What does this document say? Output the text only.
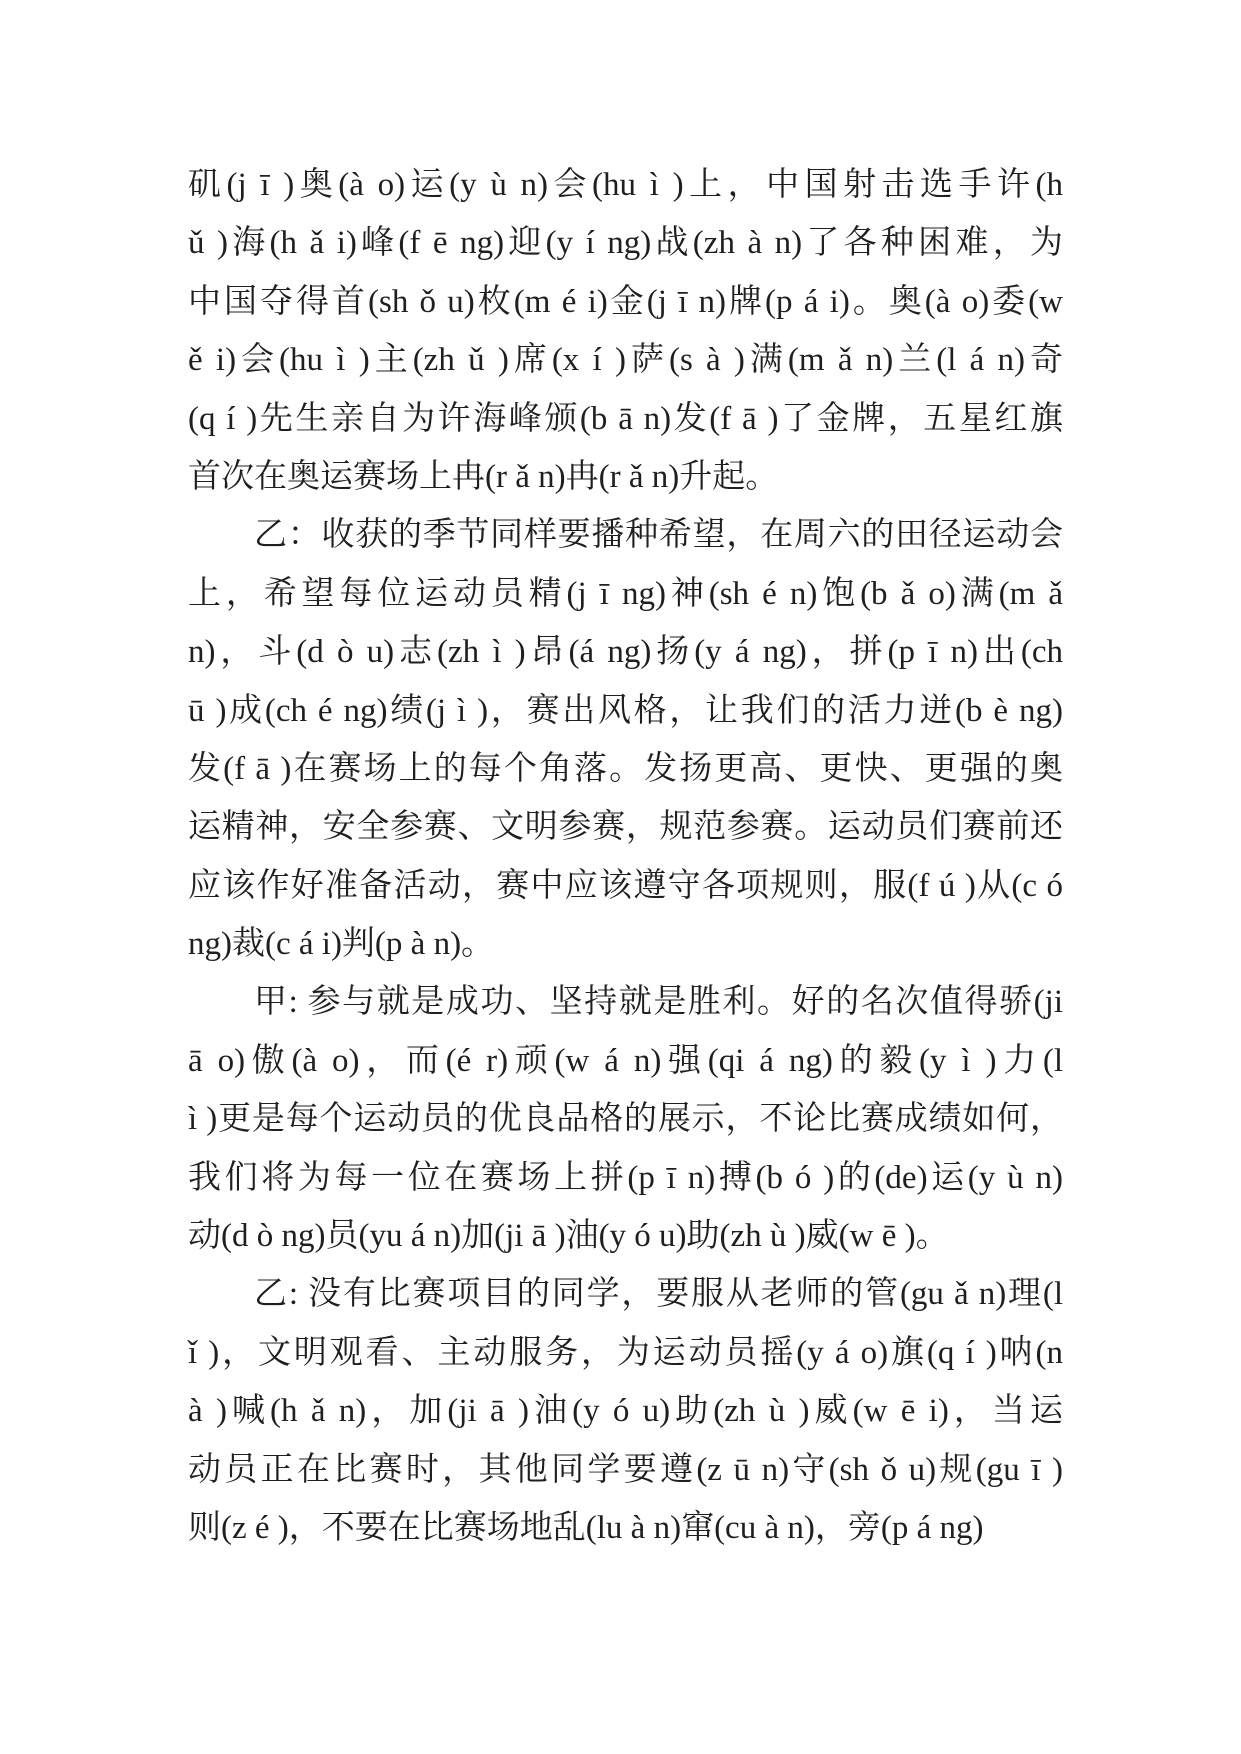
矶(j ī )奥(à o)运(y ù n)会(hu ì )上，中国射击选手许(h
ǔ )海(h ǎ i)峰(f ē ng)迎(y í ng)战(zh à n)了各种困难，为
中国夺得首(sh ǒ u)枚(m é i)金(j ī n)牌(p á i)。奥(à o)委(w
ě i)会(hu ì )主(zh ǔ )席(x í )萨(s à )满(m ǎ n)兰(l á n)奇
(q í )先生亲自为许海峰颁(b ā n)发(f ā )了金牌，五星红旗
首次在奥运赛场上冉(r ǎ n)冉(r ǎ n)升起。
乙：收获的季节同样要播种希望，在周六的田径运动会
上，希望每位运动员精(j ī ng)神(sh é n)饱(b ǎ o)满(m ǎ
n)，斗(d ò u)志(zh ì )昂(á ng)扬(y á ng)，拼(p ī n)出(ch
ū )成(ch é ng)绩(j ì )，赛出风格，让我们的活力迸(b è ng)
发(f ā )在赛场上的每个角落。发扬更高、更快、更强的奥
运精神，安全参赛、文明参赛，规范参赛。运动员们赛前还
应该作好准备活动，赛中应该遵守各项规则，服(f ú )从(c ó
ng)裁(c á i)判(p à n)。
甲: 参与就是成功、坚持就是胜利。好的名次值得骄(ji
ā o)傲(à o)，而(é r)顽(w á n)强(qi á ng)的毅(y ì )力(l
ì )更是每个运动员的优良品格的展示，不论比赛成绩如何，
我们将为每一位在赛场上拼(p ī n)搏(b ó )的(de)运(y ù n)
动(d ò ng)员(yu á n)加(ji ā )油(y ó u)助(zh ù )威(w ē )。
乙: 没有比赛项目的同学，要服从老师的管(gu ǎ n)理(l
ǐ )，文明观看、主动服务，为运动员摇(y á o)旗(q í )呐(n
à )喊(h ǎ n)，加(ji ā )油(y ó u)助(zh ù )威(w ē i)，当运
动员正在比赛时，其他同学要遵(z ū n)守(sh ǒ u)规(gu ī )
则(z é )，不要在比赛场地乱(lu à n)窜(cu à n)，旁(p á ng)
